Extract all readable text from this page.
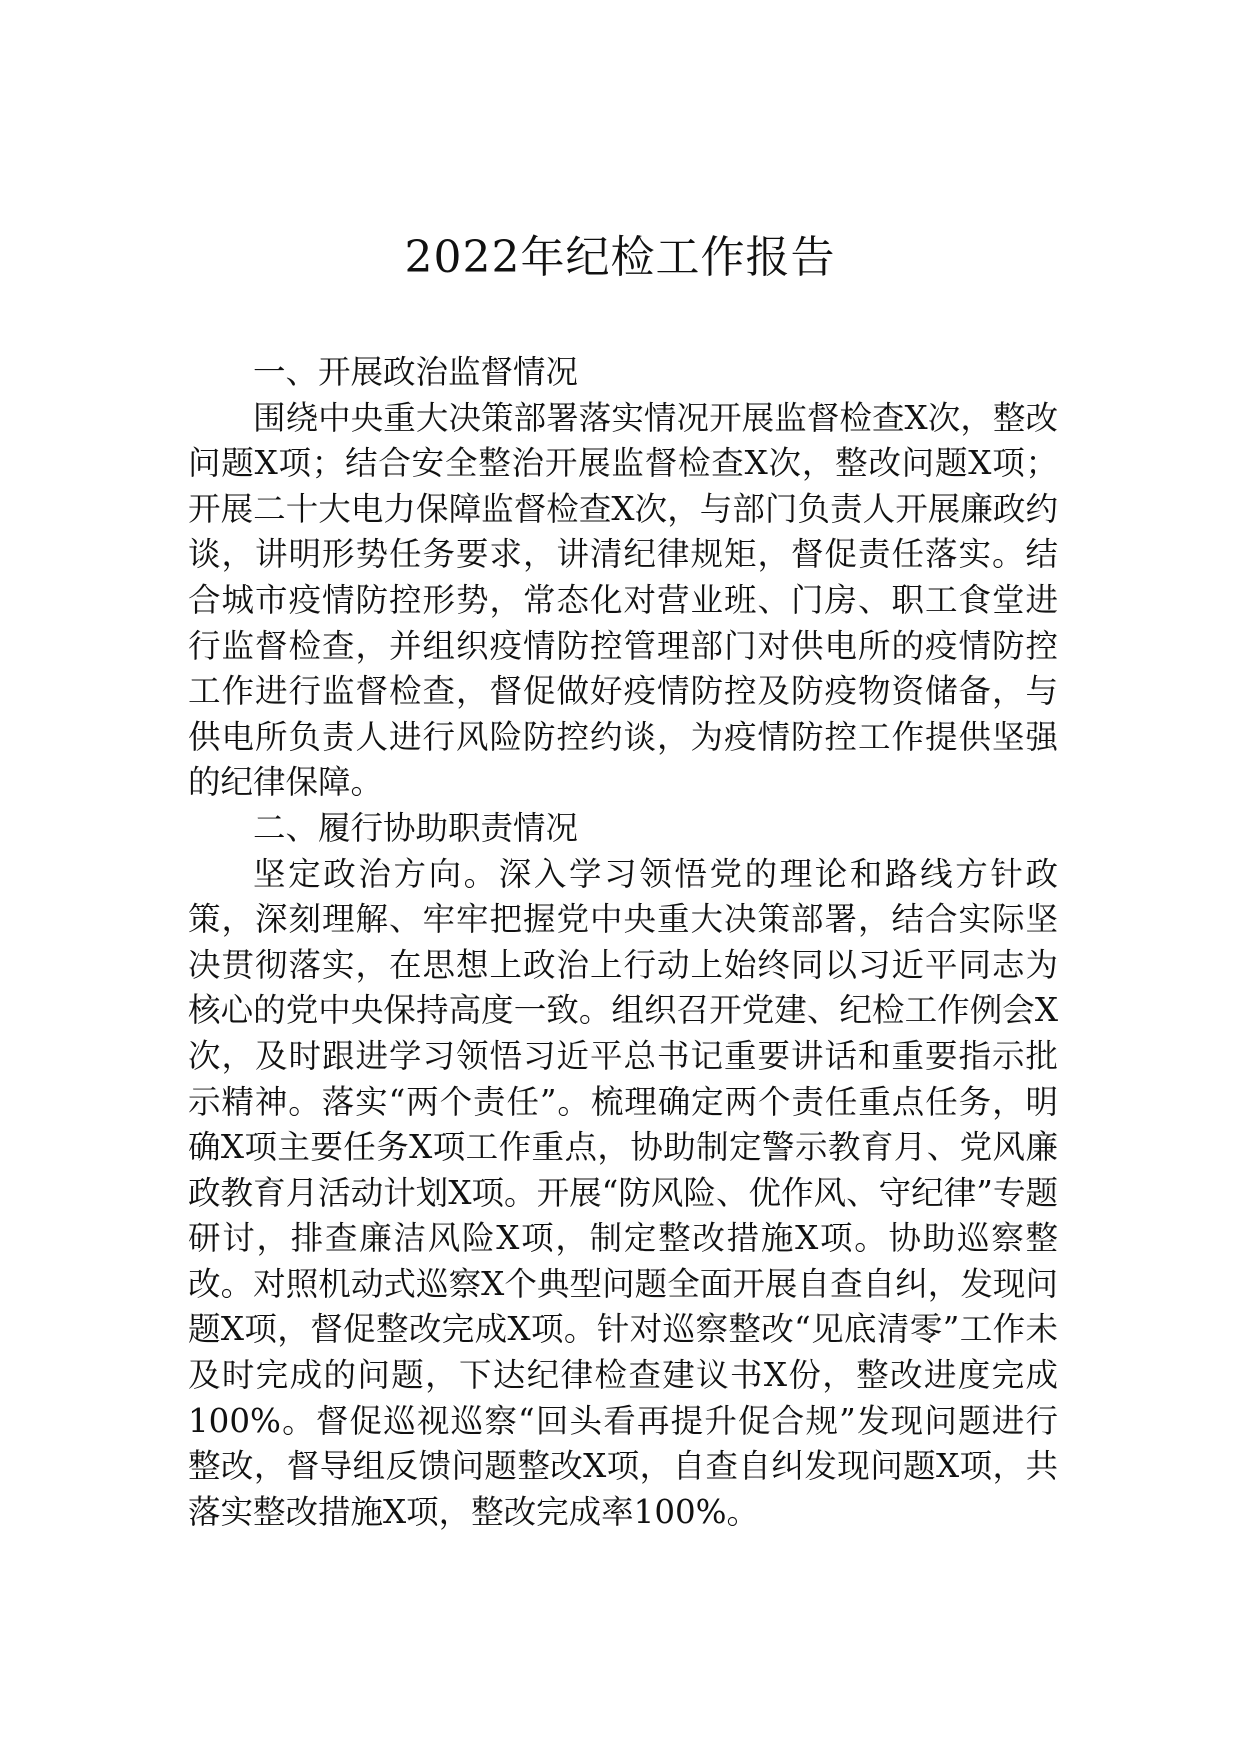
2022年纪检工作报告

一、开展政治监督情况

围绕中央重大决策部署落实情况开展监督检查X次，整改问题X项；结合安全整治开展监督检查X次，整改问题X项；开展二十大电力保障监督检查X次，与部门负责人开展廉政约谈，讲明形势任务要求，讲清纪律规矩，督促责任落实。结合城市疫情防控形势，常态化对营业班、门房、职工食堂进行监督检查，并组织疫情防控管理部门对供电所的疫情防控工作进行监督检查，督促做好疫情防控及防疫物资储备，与供电所负责人进行风险防控约谈，为疫情防控工作提供坚强的纪律保障。

二、履行协助职责情况

坚定政治方向。深入学习领悟党的理论和路线方针政策，深刻理解、牢牢把握党中央重大决策部署，结合实际坚决贯彻落实，在思想上政治上行动上始终同以习近平同志为核心的党中央保持高度一致。组织召开党建、纪检工作例会X次，及时跟进学习领悟习近平总书记重要讲话和重要指示批示精神。落实“两个责任”。梳理确定两个责任重点任务，明确X项主要任务X项工作重点，协助制定警示教育月、党风廉政教育月活动计划X项。开展“防风险、优作风、守纪律”专题研讨，排查廉洁风险X项，制定整改措施X项。协助巡察整改。对照机动式巡察X个典型问题全面开展自查自纠，发现问题X项，督促整改完成X项。针对巡察整改“见底清零”工作未及时完成的问题，下达纪律检查建议书X份，整改进度完成100%。督促巡视巡察“回头看再提升促合规”发现问题进行整改，督导组反馈问题整改X项，自查自纠发现问题X项，共落实整改措施X项，整改完成率100%。
